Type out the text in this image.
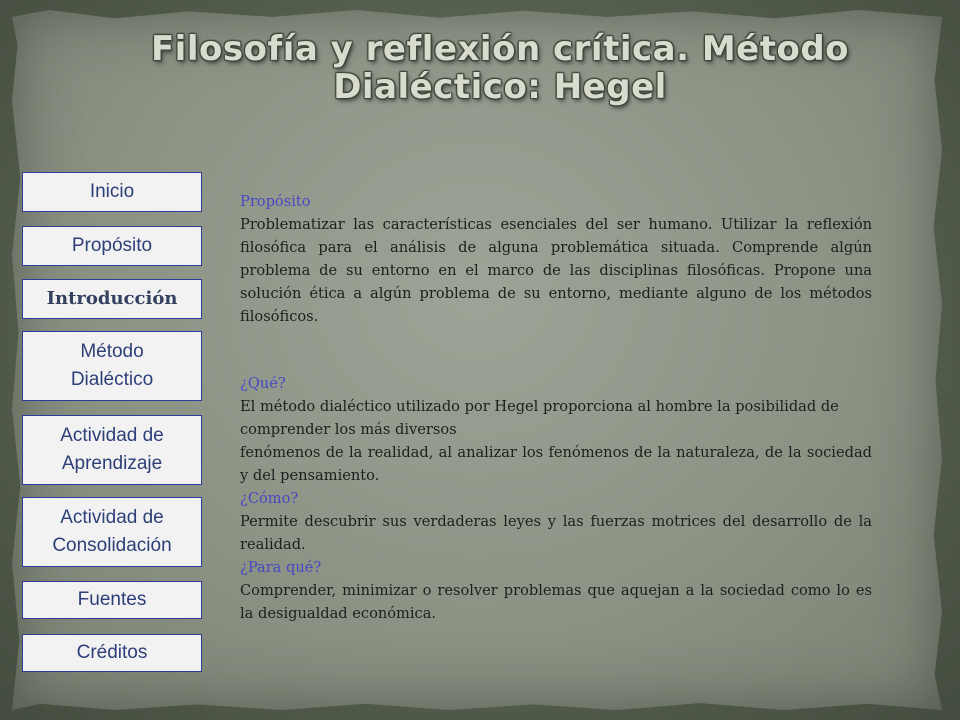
Filosofía y reflexión crítica. Método Dialéctico: Hegel
Inicio
Propósito
Introducción
Método Dialéctico
Actividad de Aprendizaje
Actividad de Consolidación
Fuentes
Créditos

Propósito

Problematizar las características esenciales del ser humano. Utilizar la reflexión filosófica para el análisis de alguna problemática situada. Comprende algún problema de su entorno en el marco de las disciplinas filosóficas. Propone una solución ética a algún problema de su entorno, mediante alguno de los métodos filosóficos.

¿Qué?

El método dialéctico utilizado por Hegel proporciona al hombre la posibilidad de comprender los más diversos

fenómenos de la realidad, al analizar los fenómenos de la naturaleza, de la sociedad y del pensamiento.

¿Cómo?

Permite descubrir sus verdaderas leyes y las fuerzas motrices del desarrollo de la realidad.

¿Para qué?

Comprender, minimizar o resolver problemas que aquejan a la sociedad como lo es la desigualdad económica.
